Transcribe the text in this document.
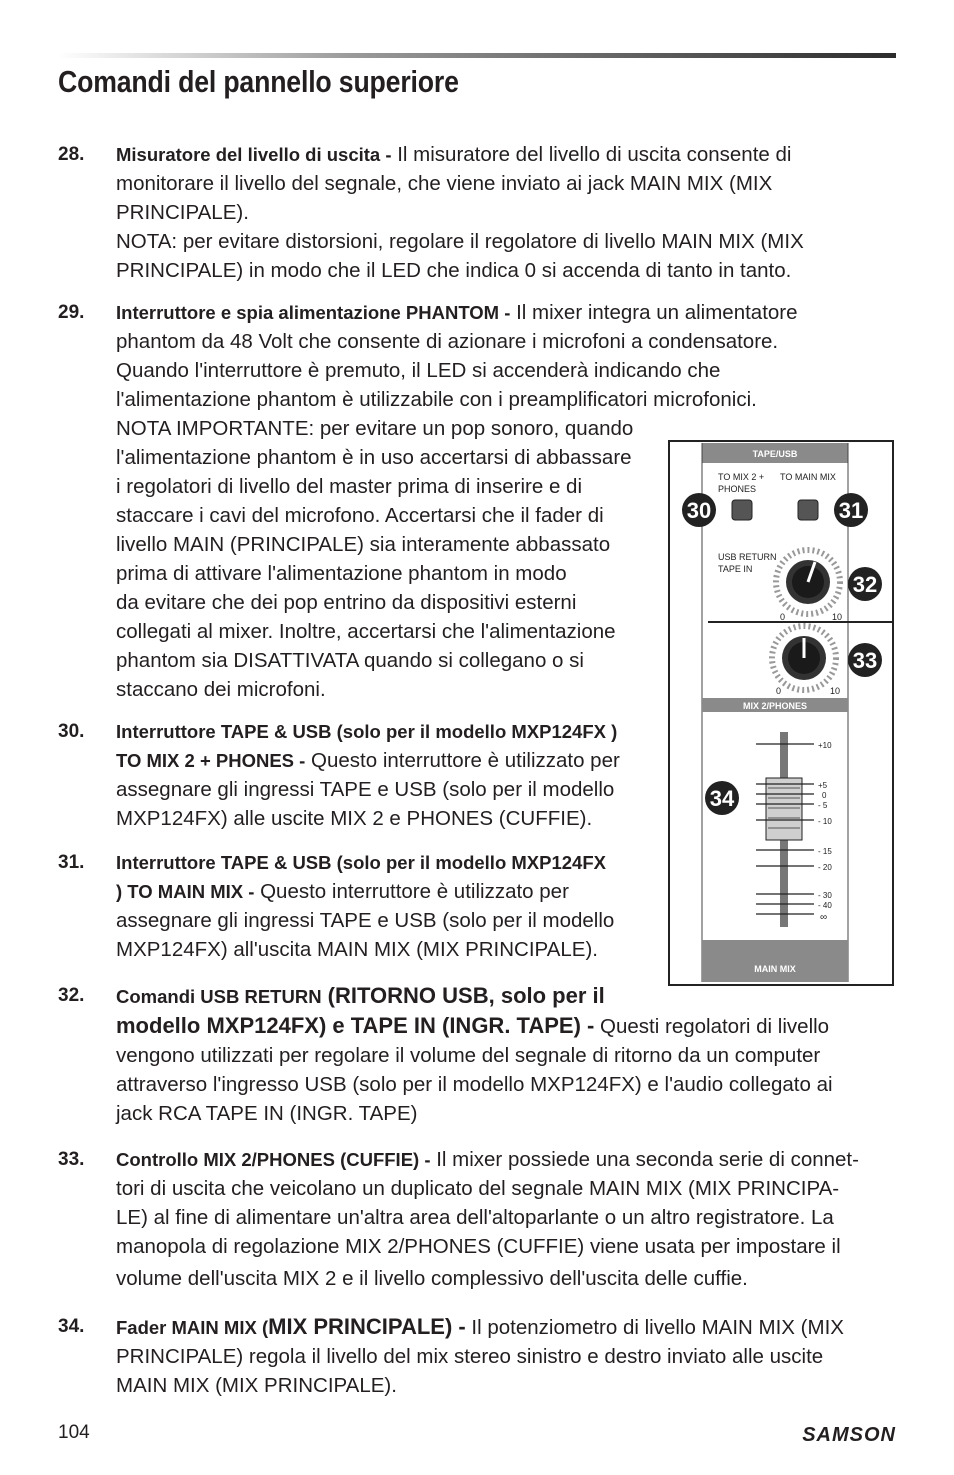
Comandi del pannello superiore
28.	Misuratore del livello di uscita - Il misuratore del livello di uscita consente di
monitorare il livello del segnale, che viene inviato ai jack MAIN MIX (MIX
PRINCIPALE).
NOTA: per evitare distorsioni, regolare il regolatore di livello MAIN MIX (MIX
PRINCIPALE) in modo che il LED che indica 0 si accenda di tanto in tanto.
29.	Interruttore e spia alimentazione PHANTOM - Il mixer integra un alimentatore
phantom da 48 Volt che consente di azionare i microfoni a condensatore.
Quando l'interruttore è premuto, il LED si accenderà indicando che
l'alimentazione phantom è utilizzabile con i preamplificatori microfonici.
NOTA IMPORTANTE: per evitare un pop sonoro, quando
l'alimentazione phantom è in uso accertarsi di abbassare
i regolatori di livello del master prima di inserire e di
staccare i cavi del microfono. Accertarsi che il fader di
livello MAIN (PRINCIPALE) sia interamente abbassato
prima di attivare l'alimentazione phantom in modo
da evitare che dei pop entrino da dispositivi esterni
collegati al mixer. Inoltre, accertarsi che l'alimentazione
phantom sia DISATTIVATA quando si collegano o si
staccano dei microfoni.
30.	Interruttore TAPE & USB (solo per il modello MXP124FX )
TO MIX 2 + PHONES - Questo interruttore è utilizzato per
assegnare gli ingressi TAPE e USB (solo per il modello
MXP124FX) alle uscite MIX 2 e PHONES (CUFFIE).
31.	Interruttore TAPE & USB (solo per il modello MXP124FX
) TO MAIN MIX - Questo interruttore è utilizzato per
assegnare gli ingressi TAPE e USB (solo per il modello
MXP124FX) all'uscita MAIN MIX (MIX PRINCIPALE).
32.	Comandi USB RETURN (RITORNO USB, solo per il
modello MXP124FX) e TAPE IN (INGR. TAPE) - Questi regolatori di livello
vengono utilizzati per regolare il volume del segnale di ritorno da un computer
attraverso l'ingresso USB (solo per il modello MXP124FX) e l'audio collegato ai
jack RCA TAPE IN (INGR. TAPE)
33.	Controllo MIX 2/PHONES (CUFFIE) - Il mixer possiede una seconda serie di connet-
tori di uscita che veicolano un duplicato del segnale MAIN MIX (MIX PRINCIPA-
LE) al fine di alimentare un'altra area dell'altoparlante o un altro registratore. La
manopola di regolazione MIX 2/PHONES (CUFFIE) viene usata per impostare il
volume dell'uscita MIX 2 e il livello complessivo dell'uscita delle cuffie.
34.	Fader MAIN MIX (MIX PRINCIPALE) - Il potenziometro di livello MAIN MIX (MIX
PRINCIPALE) regola il livello del mix stereo sinistro e destro inviato alle uscite
MAIN MIX (MIX PRINCIPALE).
TAPE/USB
TO MIX 2 +
PHONES
TO MAIN MIX
30	31
USB RETURN
TAPE IN
0	10
32
0	10
33
MIX 2/PHONES
+10
+5
0
- 5
- 10
- 15
- 20
- 30
- 40
∞
34
MAIN MIX
104	SAMSON
